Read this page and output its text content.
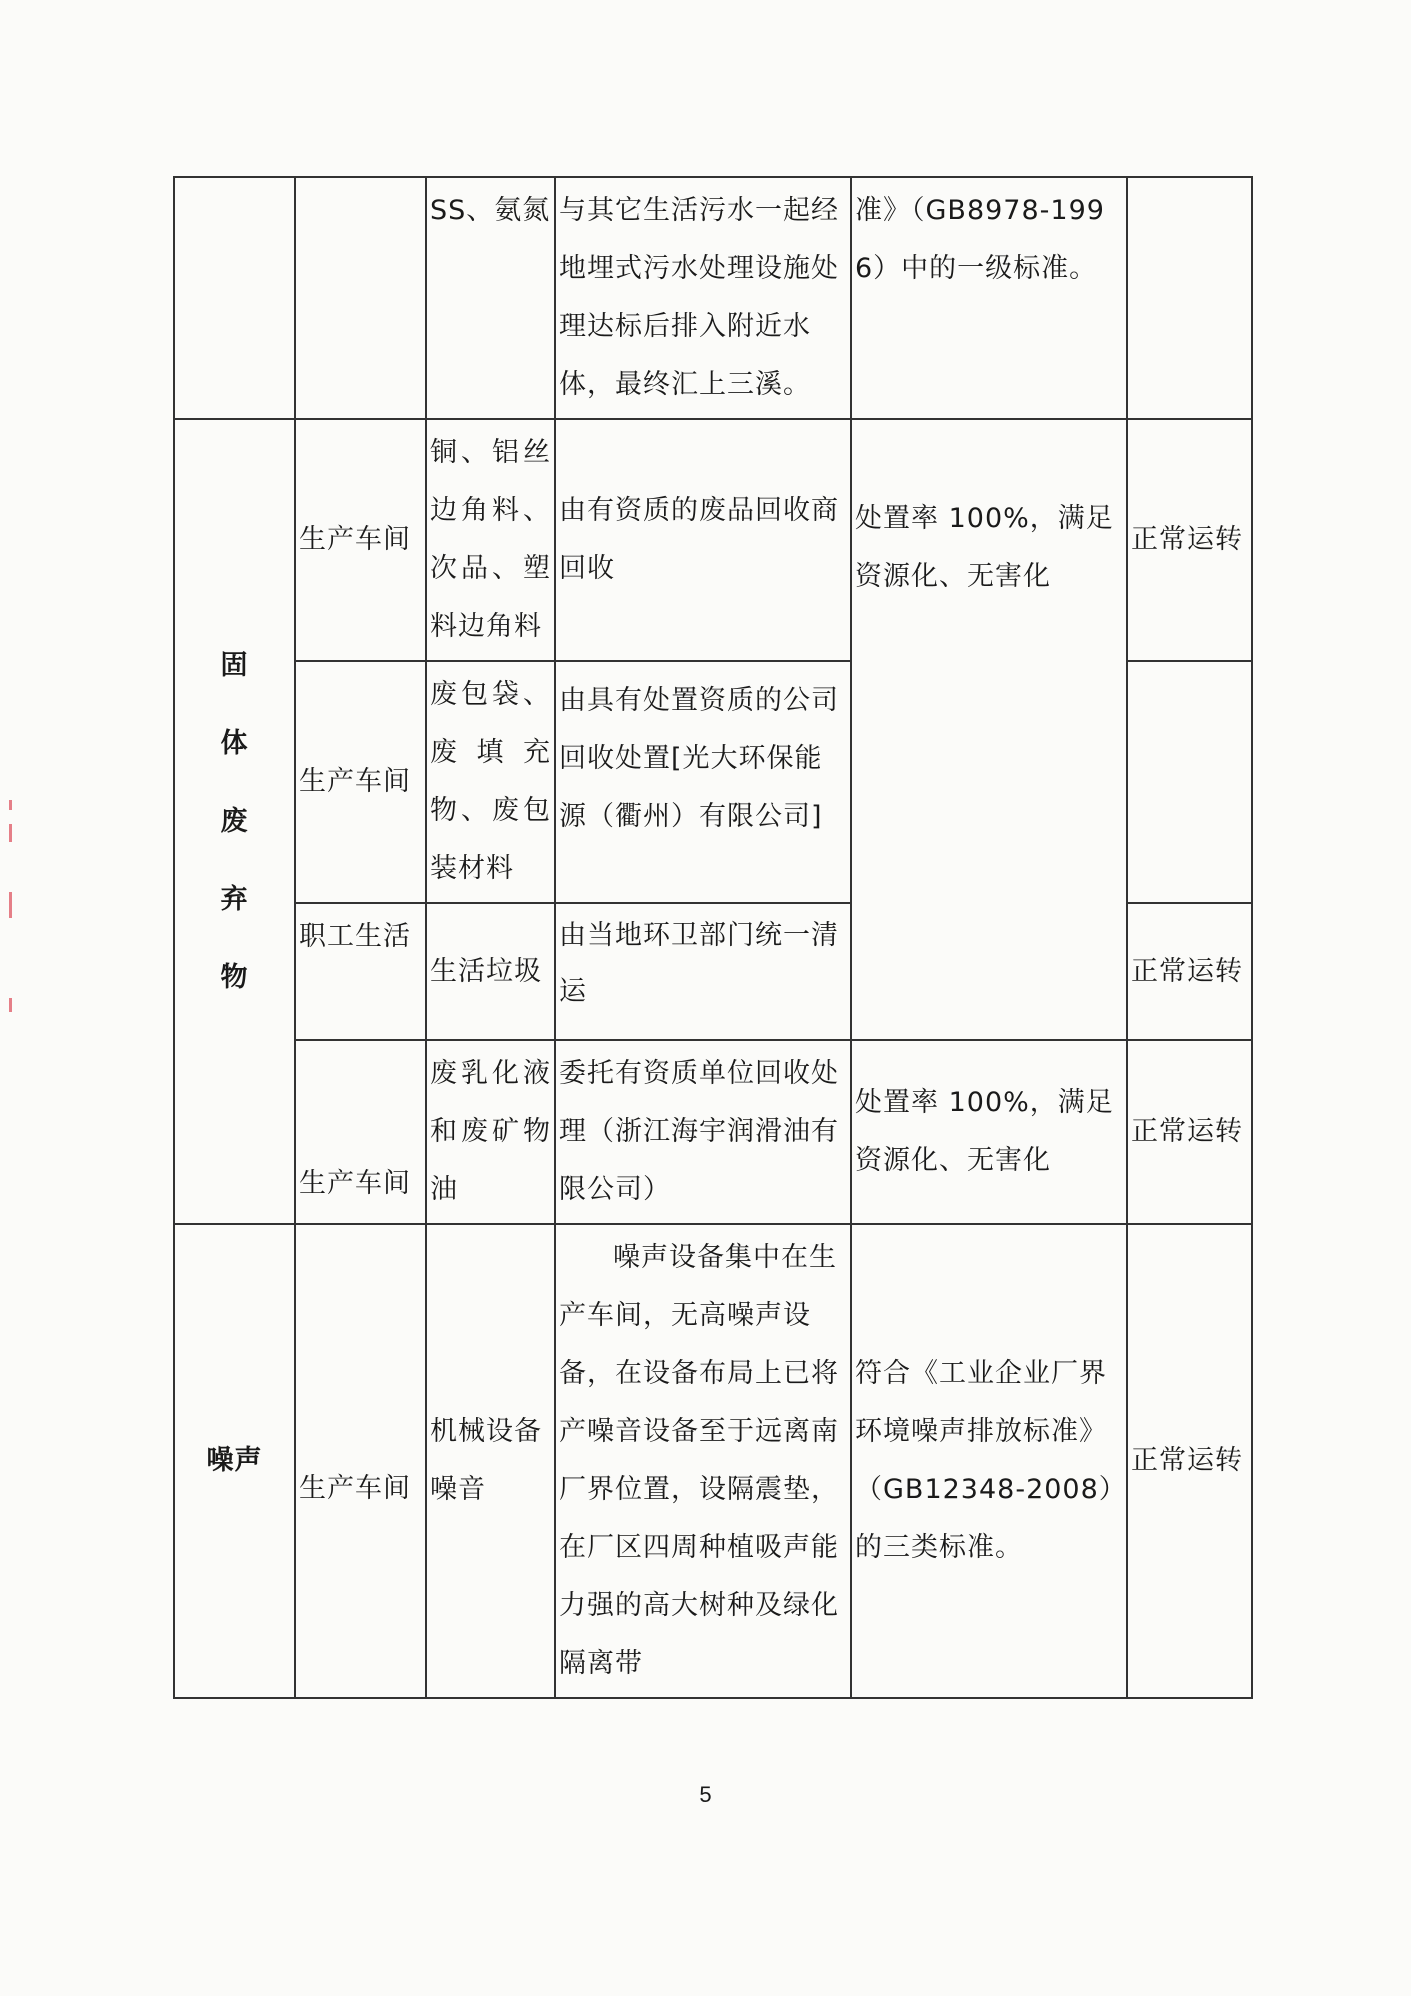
		SS、氨氮	与其它生活污水一起经地埋式污水处理设施处理达标后排入附近水体，最终汇上三溪。	准》（GB8978-1996）中的一级标准。	
固
体
废
弃
物	生产车间	铜、铝丝边角料、次品、塑料边角料	由有资质的废品回收商回收	处置率 100%，满足资源化、无害化	正常运转
	生产车间	废包袋、废填充物、废包装材料	由具有处置资质的公司回收处置[光大环保能源（衢州）有限公司]		
	职工生活	生活垃圾	由当地环卫部门统一清运		正常运转
	生产车间	废乳化液和废矿物油	委托有资质单位回收处理（浙江海宇润滑油有限公司）	处置率 100%，满足资源化、无害化	正常运转
噪声	生产车间	机械设备噪音	噪声设备集中在生产车间，无高噪声设备，在设备布局上已将产噪音设备至于远离南厂界位置，设隔震垫，在厂区四周种植吸声能力强的高大树种及绿化隔离带	符合《工业企业厂界环境噪声排放标准》（GB12348-2008）的三类标准。	正常运转
5
